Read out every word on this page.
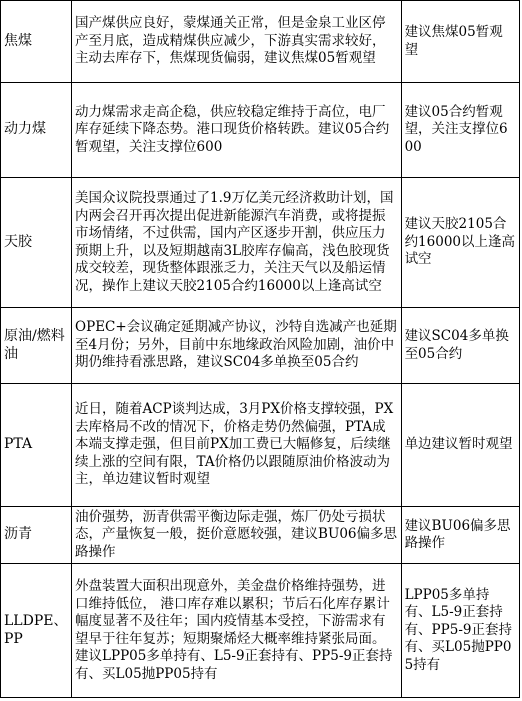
焦煤	国产煤供应良好，蒙煤通关正常，但是金泉工业区停产至月底，造成精煤供应减少，下游真实需求较好，主动去库存下，焦煤现货偏弱，建议焦煤05暂观望	建议焦煤05暂观望
动力煤	动力煤需求走高企稳，供应较稳定维持于高位，电厂库存延续下降态势。港口现货价格转跌。建议05合约暂观望，关注支撑位600	建议05合约暂观望，关注支撑位600
天胶	美国众议院投票通过了1.9万亿美元经济救助计划，国内两会召开再次提出促进新能源汽车消费，或将提振市场情绪，不过供需，国内产区逐步开割，供应压力预期上升，以及短期越南3L胶库存偏高，浅色胶现货成交较差，现货整体跟涨乏力，关注天气以及船运情况，操作上建议天胶2105合约16000以上逢高试空	建议天胶2105合约16000以上逢高试空
原油/燃料油	OPEC+会议确定延期减产协议，沙特自选减产也延期至4月份；另外，目前中东地缘政治风险加剧，油价中期仍维持看涨思路，建议SC04多单换至05合约	建议SC04多单换至05合约
PTA	近日，随着ACP谈判达成，3月PX价格支撑较强，PX去库格局不改的情况下，价格走势仍然偏强，PTA成本端支撑走强，但目前PX加工费已大幅修复，后续继续上涨的空间有限，TA价格仍以跟随原油价格波动为主，单边建议暂时观望	单边建议暂时观望
沥青	油价强势，沥青供需平衡边际走强，炼厂仍处亏损状态，产量恢复一般，挺价意愿较强，建议BU06偏多思路操作	建议BU06偏多思路操作
LLDPE、PP	外盘装置大面积出现意外，美金盘价格维持强势，进口维持低位， 港口库存难以累积；节后石化库存累计幅度显著不及往年；国内疫情基本受控，下游需求有望早于往年复苏；短期聚烯烃大概率维持紧张局面。建议LPP05多单持有、L5-9正套持有、PP5-9正套持有、买L05抛PP05持有	LPP05多单持有、L5-9正套持有、PP5-9正套持有、买L05抛PP05持有
